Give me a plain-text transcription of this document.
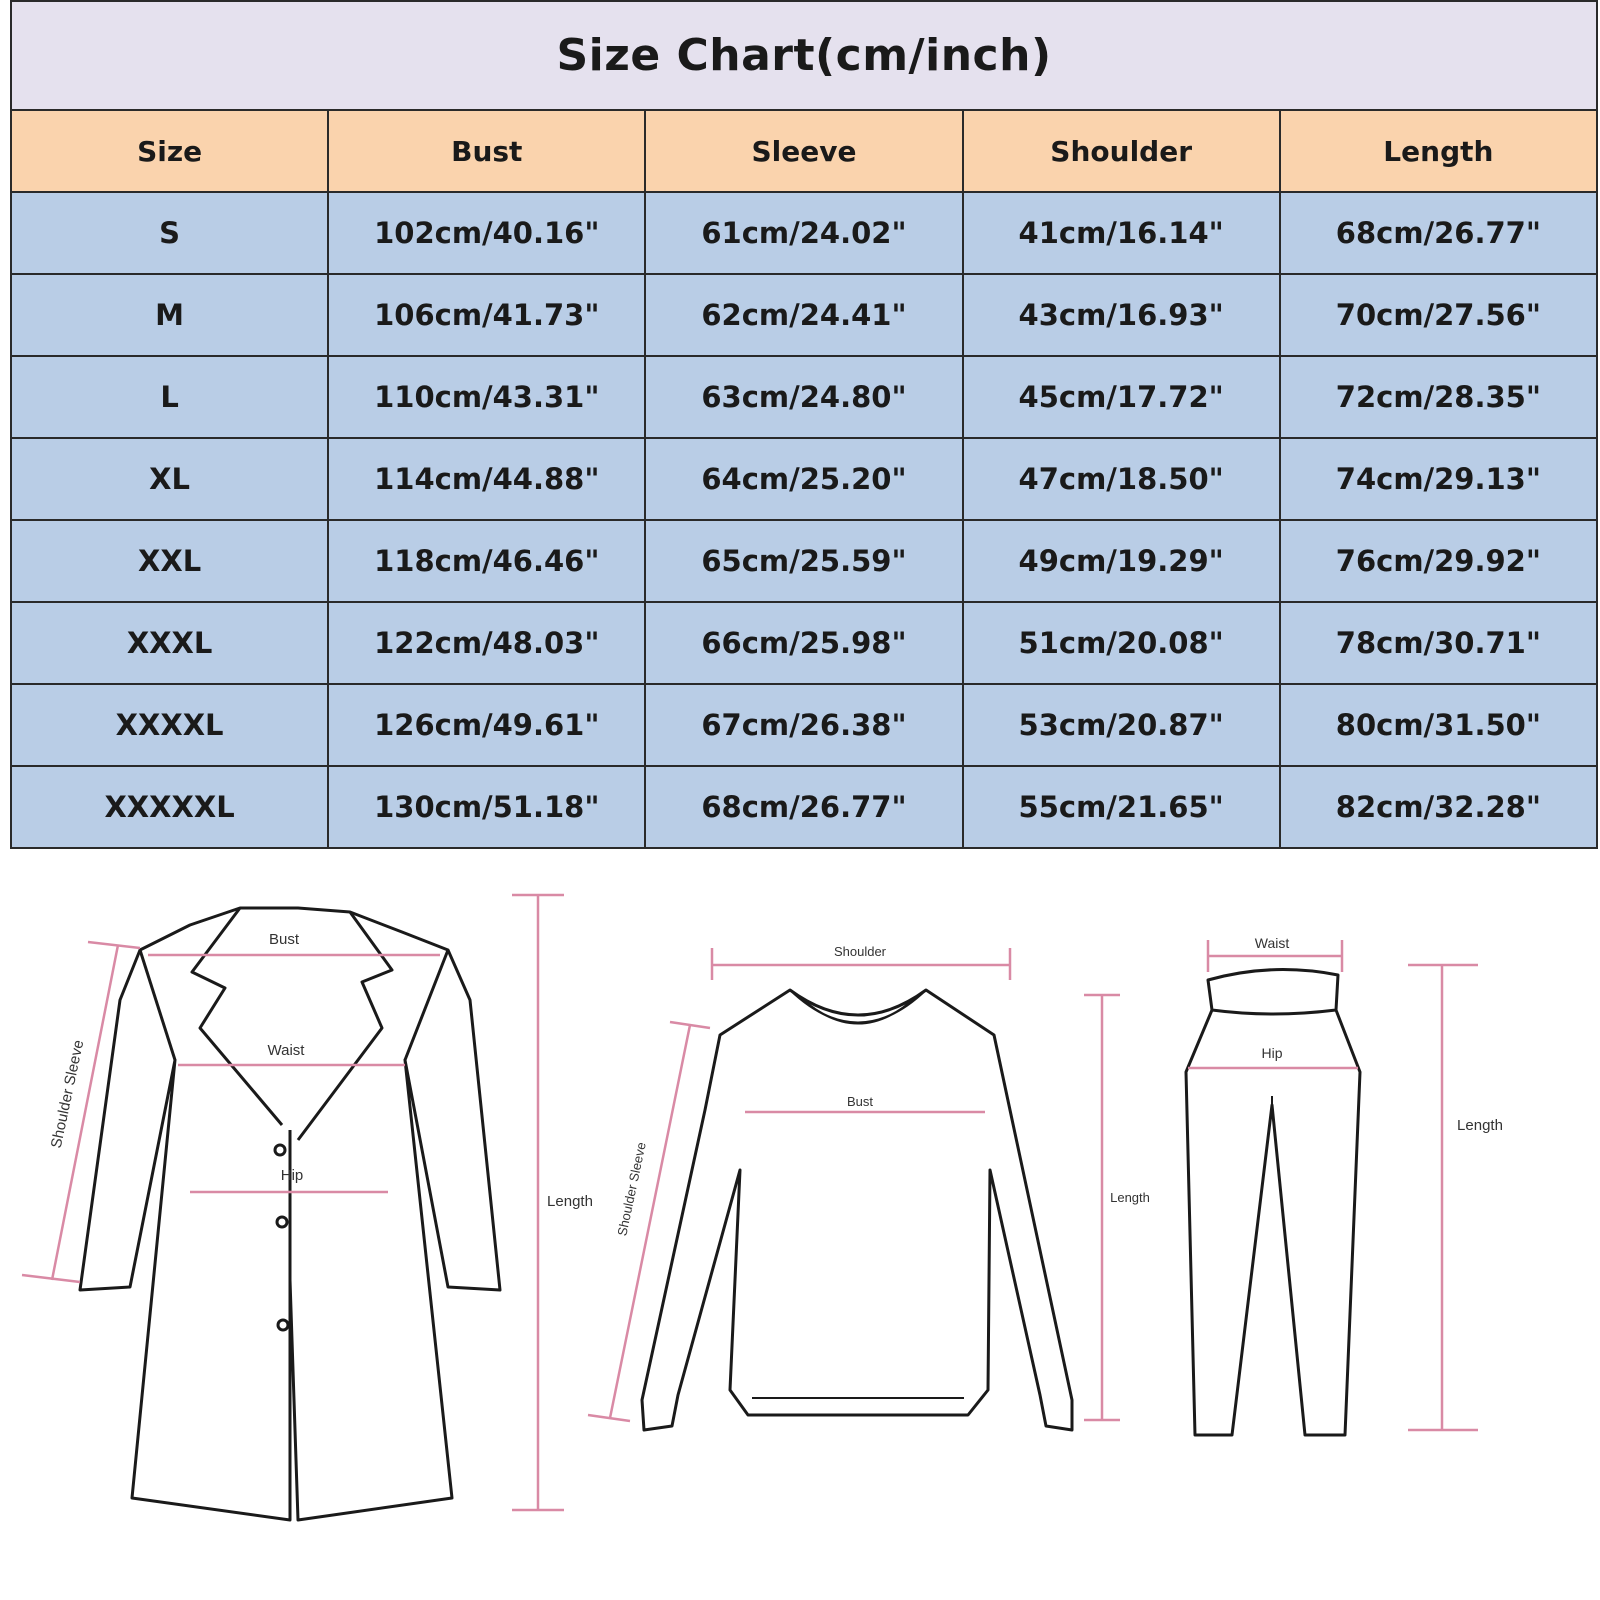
Size Chart(cm/inch)				
Size	Bust	Sleeve	Shoulder	Length
S	102cm/40.16"	61cm/24.02"	41cm/16.14"	68cm/26.77"
M	106cm/41.73"	62cm/24.41"	43cm/16.93"	70cm/27.56"
L	110cm/43.31"	63cm/24.80"	45cm/17.72"	72cm/28.35"
XL	114cm/44.88"	64cm/25.20"	47cm/18.50"	74cm/29.13"
XXL	118cm/46.46"	65cm/25.59"	49cm/19.29"	76cm/29.92"
XXXL	122cm/48.03"	66cm/25.98"	51cm/20.08"	78cm/30.71"
XXXXL	126cm/49.61"	67cm/26.38"	53cm/20.87"	80cm/31.50"
XXXXXL	130cm/51.18"	68cm/26.77"	55cm/21.65"	82cm/32.28"
Bust
Waist
Hip
Shoulder Sleeve
Length
Shoulder
Bust
Shoulder Sleeve	Length
Waist
Hip
Length
